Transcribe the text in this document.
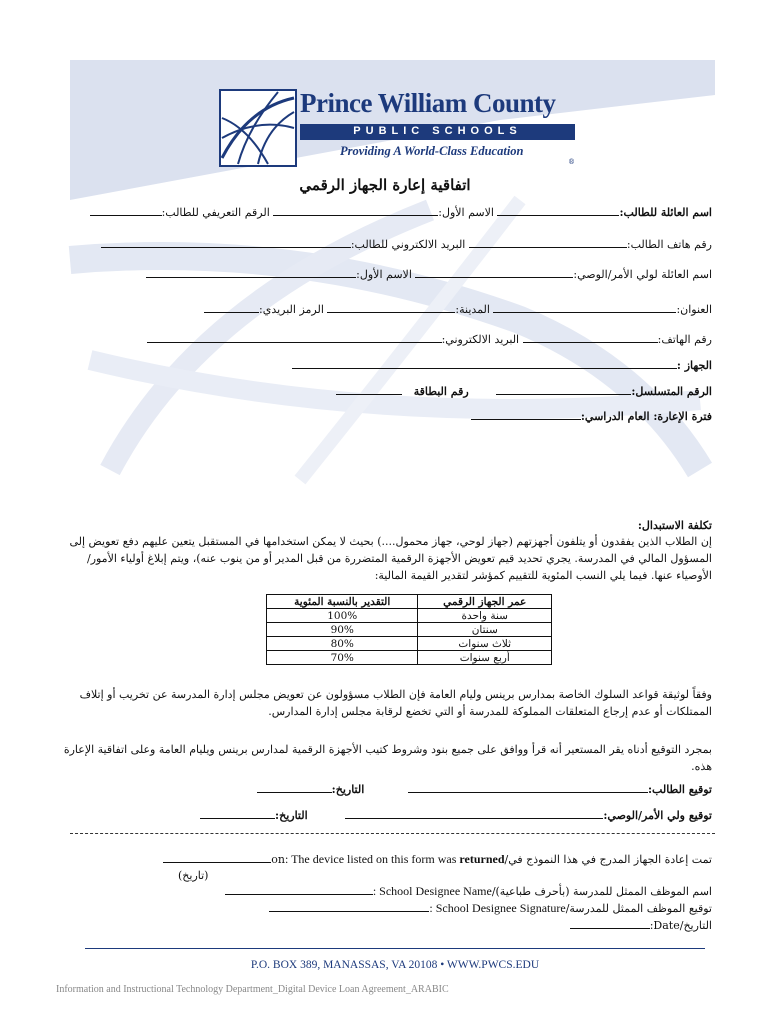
Prince William County
PUBLIC SCHOOLS
Providing A World-Class Education
®
اتفاقية إعارة الجهاز الرقمي
اسم العائلة للطالب: الاسم الأول: الرقم التعريفي للطالب:
رقم هاتف الطالب: البريد الالكتروني للطالب:
اسم العائلة لولي الأمر/الوصي: الاسم الأول:
العنوان: المدينة: الرمز البريدي:
رقم الهاتف: البريد الالكتروني:
الجهاز :
الرقم المتسلسل:  رقم البطاقة
فترة الإعارة: العام الدراسي:
تكلفة الاستبدال:
إن الطلاب الذين يفقدون أو يتلفون أجهزتهم (جهاز لوحي، جهاز محمول....) بحيث لا يمكن استخدامها في المستقبل يتعين عليهم دفع تعويض إلى المسؤول المالي في المدرسة. يجري تحديد قيم تعويض الأجهزة الرقمية المتضررة من قبل المدير أو من ينوب عنه)، ويتم إبلاغ أولياء الأمور/الأوصياء عنها. فيما يلي النسب المئوية للتقييم كمؤشر لتقدير القيمة المالية:
عمر الجهاز الرقمي	التقدير بالنسبة المئوية
سنة واحدة	100%
سنتان	90%
ثلاث سنوات	80%
أربع سنوات	70%
وفقاً لوثيقة قواعد السلوك الخاصة بمدارس برينس وليام العامة فإن الطلاب مسؤولون عن تعويض مجلس إدارة المدرسة عن تخريب أو إتلاف الممتلكات أو عدم إرجاع المتعلقات المملوكة للمدرسة أو التي تخضع لرقابة مجلس إدارة المدارس.
بمجرد التوقيع أدناه يقر المستعير أنه قرأ ووافق على جميع بنود وشروط كتيب الأجهزة الرقمية لمدارس برينس ويليام العامة وعلى اتفاقية الإعارة هذه.
توقيع الطالب:  التاريخ:
توقيع ولي الأمر/الوصي:  التاريخ:
تمت إعادة الجهاز المدرج في هذا النموذج في/on: The device listed on this form was returned
(تاريخ)
اسم الموظف الممثل للمدرسة (بأحرف طباعية)/: School Designee Name
توقيع الموظف الممثل للمدرسة/: School Designee Signature
التاريخ/Date:
P.O. BOX 389, MANASSAS, VA 20108 • WWW.PWCS.EDU
Information and Instructional Technology Department_Digital Device Loan Agreement_ARABIC
